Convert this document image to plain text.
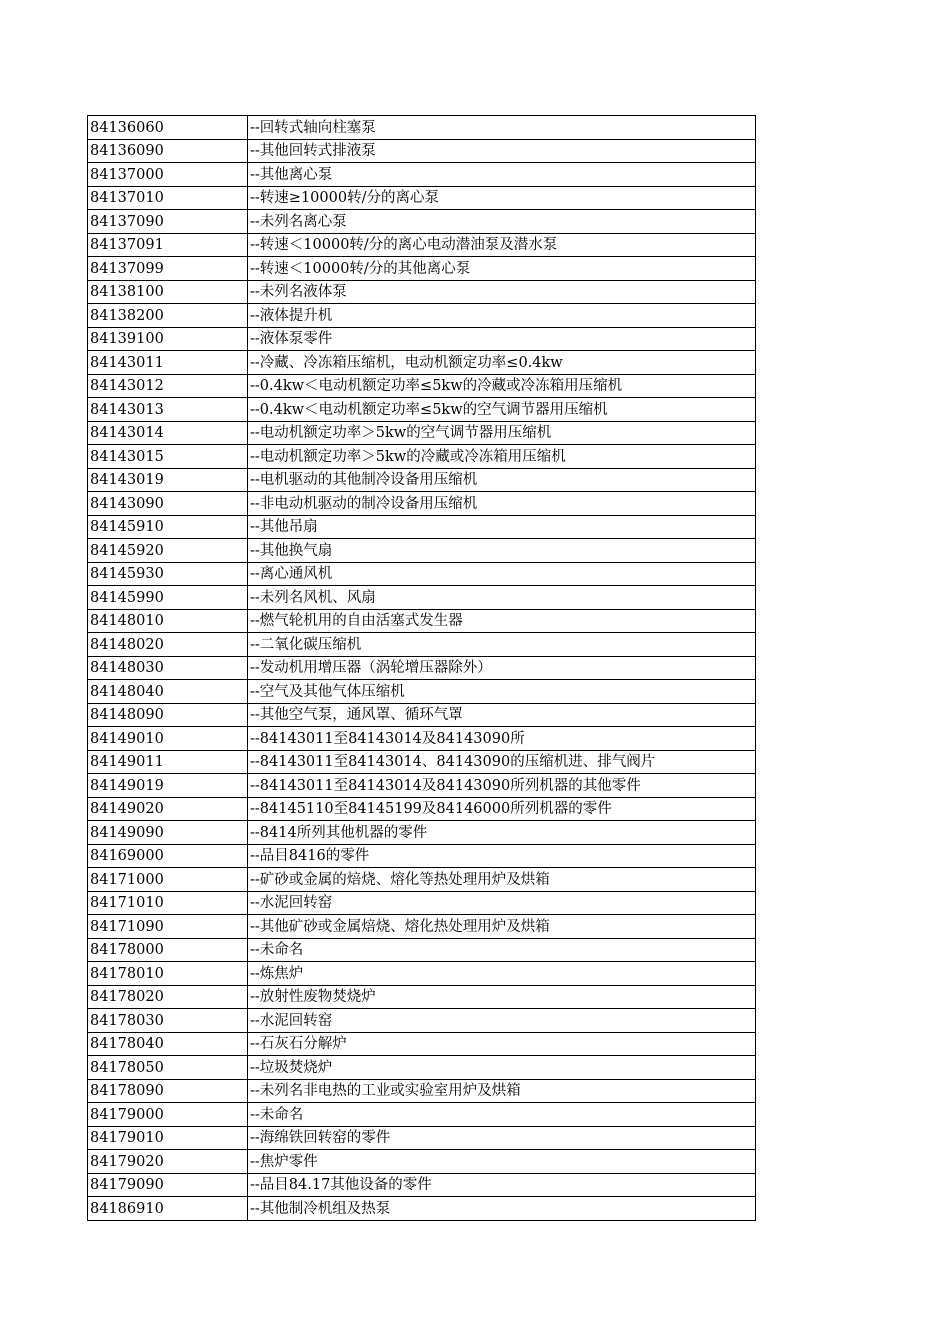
84136060	--回转式轴向柱塞泵
84136090	--其他回转式排液泵
84137000	--其他离心泵
84137010	--转速≥10000转/分的离心泵
84137090	--未列名离心泵
84137091	--转速＜10000转/分的离心电动潜油泵及潜水泵
84137099	--转速＜10000转/分的其他离心泵
84138100	--未列名液体泵
84138200	--液体提升机
84139100	--液体泵零件
84143011	--冷藏、冷冻箱压缩机，电动机额定功率≤0.4kw
84143012	--0.4kw＜电动机额定功率≤5kw的冷藏或冷冻箱用压缩机
84143013	--0.4kw＜电动机额定功率≤5kw的空气调节器用压缩机
84143014	--电动机额定功率＞5kw的空气调节器用压缩机
84143015	--电动机额定功率＞5kw的冷藏或冷冻箱用压缩机
84143019	--电机驱动的其他制冷设备用压缩机
84143090	--非电动机驱动的制冷设备用压缩机
84145910	--其他吊扇
84145920	--其他换气扇
84145930	--离心通风机
84145990	--未列名风机、风扇
84148010	--燃气轮机用的自由活塞式发生器
84148020	--二氧化碳压缩机
84148030	--发动机用增压器（涡轮增压器除外）
84148040	--空气及其他气体压缩机
84148090	--其他空气泵，通风罩、循环气罩
84149010	--84143011至84143014及84143090所
84149011	--84143011至84143014、84143090的压缩机进、排气阀片
84149019	--84143011至84143014及84143090所列机器的其他零件
84149020	--84145110至84145199及84146000所列机器的零件
84149090	--8414所列其他机器的零件
84169000	--品目8416的零件
84171000	--矿砂或金属的焙烧、熔化等热处理用炉及烘箱
84171010	--水泥回转窑
84171090	--其他矿砂或金属焙烧、熔化热处理用炉及烘箱
84178000	--未命名
84178010	--炼焦炉
84178020	--放射性废物焚烧炉
84178030	--水泥回转窑
84178040	--石灰石分解炉
84178050	--垃圾焚烧炉
84178090	--未列名非电热的工业或实验室用炉及烘箱
84179000	--未命名
84179010	--海绵铁回转窑的零件
84179020	--焦炉零件
84179090	--品目84.17其他设备的零件
84186910	--其他制冷机组及热泵
